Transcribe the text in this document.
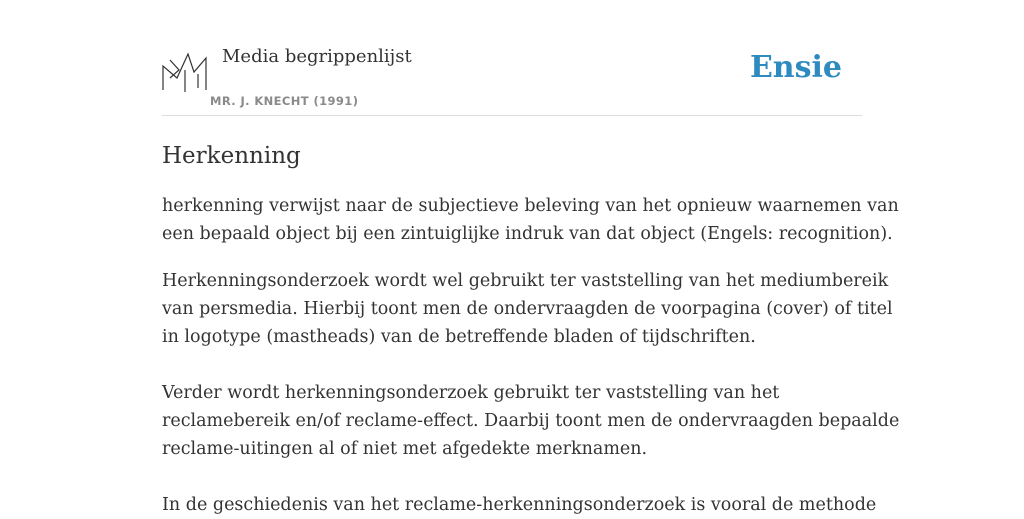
Media begrippenlijst
MR. J. KNECHT (1991)
Ensie
Herkenning

herkenning verwijst naar de subjectieve beleving van het opnieuw waarnemen van
een bepaald object bij een zintuiglijke indruk van dat object (Engels: recognition).

Herkenningsonderzoek wordt wel gebruikt ter vaststelling van het mediumbereik
van persmedia. Hierbij toont men de ondervraagden de voorpagina (cover) of titel
in logotype (mastheads) van de betreffende bladen of tijdschriften.

Verder wordt herkenningsonderzoek gebruikt ter vaststelling van het
reclamebereik en/of reclame-effect. Daarbij toont men de ondervraagden bepaalde
reclame-uitingen al of niet met afgedekte merknamen.

In de geschiedenis van het reclame-herkenningsonderzoek is vooral de methode
